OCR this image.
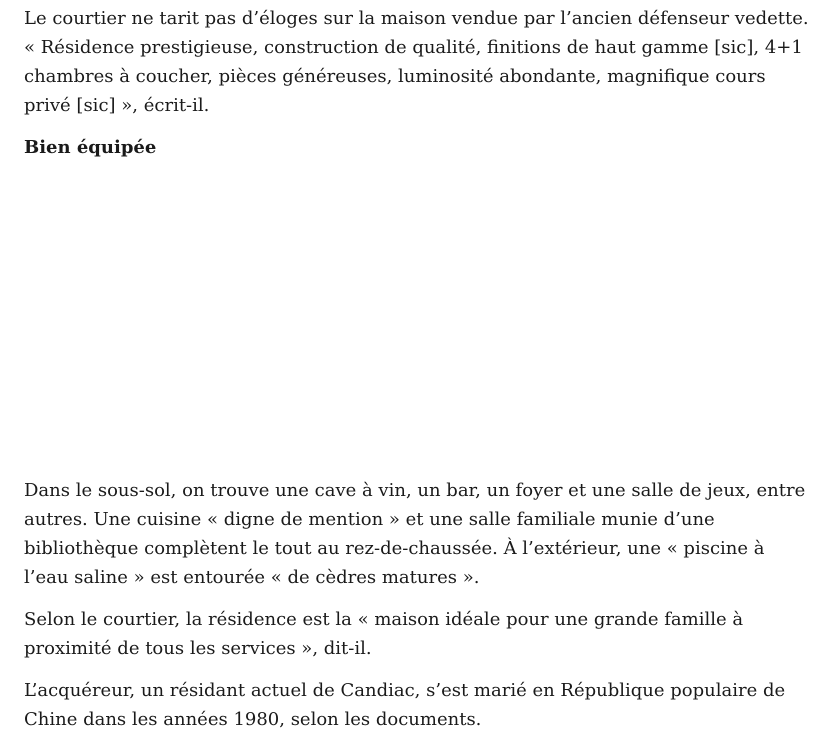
Le courtier ne tarit pas d’éloges sur la maison vendue par l’ancien défenseur vedette. « Résidence prestigieuse, construction de qualité, finitions de haut gamme [sic], 4+1 chambres à coucher, pièces généreuses, luminosité abondante, magnifique cours privé [sic] », écrit-il.

Bien équipée

Dans le sous-sol, on trouve une cave à vin, un bar, un foyer et une salle de jeux, entre autres. Une cuisine « digne de mention » et une salle familiale munie d’une bibliothèque complètent le tout au rez-de-chaussée. À l’extérieur, une « piscine à l’eau saline » est entourée « de cèdres matures ».

Selon le courtier, la résidence est la « maison idéale pour une grande famille à proximité de tous les services », dit-il.

L’acquéreur, un résidant actuel de Candiac, s’est marié en République populaire de Chine dans les années 1980, selon les documents.
